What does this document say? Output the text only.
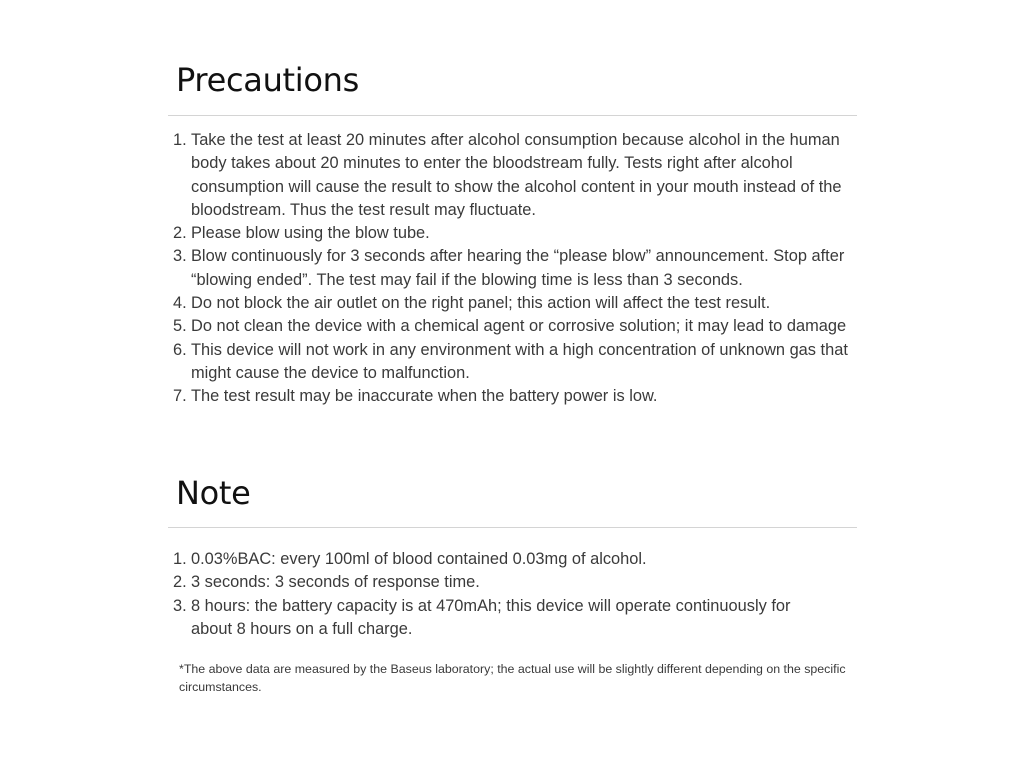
Precautions
1. Take the test at least 20 minutes after alcohol consumption because alcohol in the human body takes about 20 minutes to enter the bloodstream fully. Tests right after alcohol consumption will cause the result to show the alcohol content in your mouth instead of the bloodstream. Thus the test result may fluctuate.
2. Please blow using the blow tube.
3. Blow continuously for 3 seconds after hearing the “please blow” announcement. Stop after “blowing ended”. The test may fail if the blowing time is less than 3 seconds.
4. Do not block the air outlet on the right panel; this action will affect the test result.
5. Do not clean the device with a chemical agent or corrosive solution; it may lead to damage
6. This device will not work in any environment with a high concentration of unknown gas that might cause the device to malfunction.
7. The test result may be inaccurate when the battery power is low.
Note
1. 0.03%BAC: every 100ml of blood contained 0.03mg of alcohol.
2. 3 seconds: 3 seconds of response time.
3. 8 hours: the battery capacity is at 470mAh; this device will operate continuously for about 8 hours on a full charge.

*The above data are measured by the Baseus laboratory; the actual use will be slightly different depending on the specific circumstances.
